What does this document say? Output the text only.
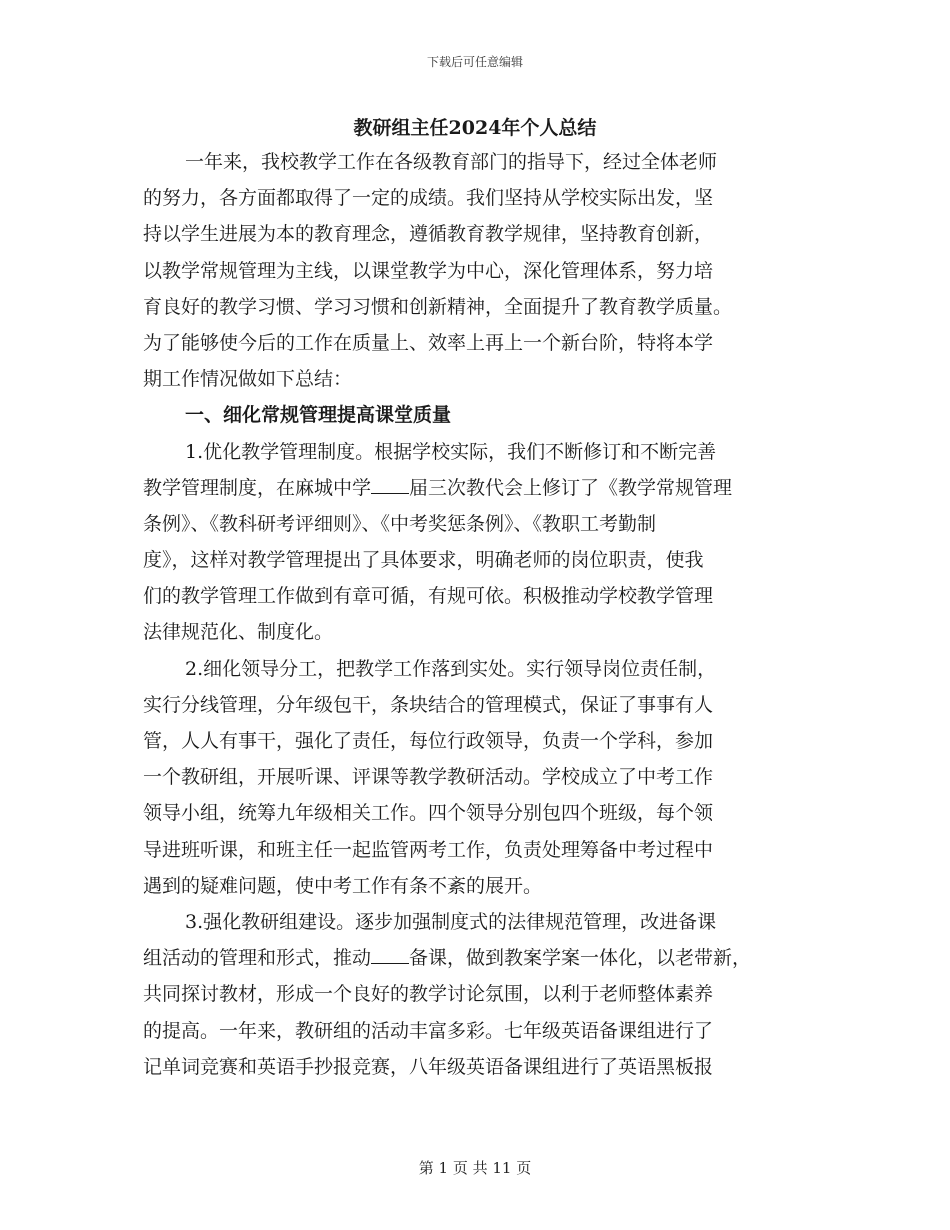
下载后可任意编辑
教研组主任2024年个人总结
一年来，我校教学工作在各级教育部门的指导下，经过全体老师
的努力，各方面都取得了一定的成绩。我们坚持从学校实际出发，坚
持以学生进展为本的教育理念，遵循教育教学规律，坚持教育创新，
以教学常规管理为主线，以课堂教学为中心，深化管理体系，努力培
育良好的教学习惯、学习习惯和创新精神，全面提升了教育教学质量。
为了能够使今后的工作在质量上、效率上再上一个新台阶，特将本学
期工作情况做如下总结：
一、细化常规管理提高课堂质量
1.优化教学管理制度。根据学校实际，我们不断修订和不断完善
教学管理制度，在麻城中学 届三次教代会上修订了《教学常规管理
条例》、《教科研考评细则》、《中考奖惩条例》、《教职工考勤制
度》，这样对教学管理提出了具体要求，明确老师的岗位职责，使我
们的教学管理工作做到有章可循，有规可依。积极推动学校教学管理
法律规范化、制度化。
2.细化领导分工，把教学工作落到实处。实行领导岗位责任制，
实行分线管理，分年级包干，条块结合的管理模式，保证了事事有人
管，人人有事干，强化了责任，每位行政领导，负责一个学科，参加
一个教研组，开展听课、评课等教学教研活动。学校成立了中考工作
领导小组，统筹九年级相关工作。四个领导分别包四个班级，每个领
导进班听课，和班主任一起监管两考工作，负责处理筹备中考过程中
遇到的疑难问题，使中考工作有条不紊的展开。
3.强化教研组建设。逐步加强制度式的法律规范管理，改进备课
组活动的管理和形式，推动 备课，做到教案学案一体化，以老带新，
共同探讨教材，形成一个良好的教学讨论氛围，以利于老师整体素养
的提高。一年来，教研组的活动丰富多彩。七年级英语备课组进行了
记单词竞赛和英语手抄报竞赛，八年级英语备课组进行了英语黑板报
第 1 页 共 11 页
